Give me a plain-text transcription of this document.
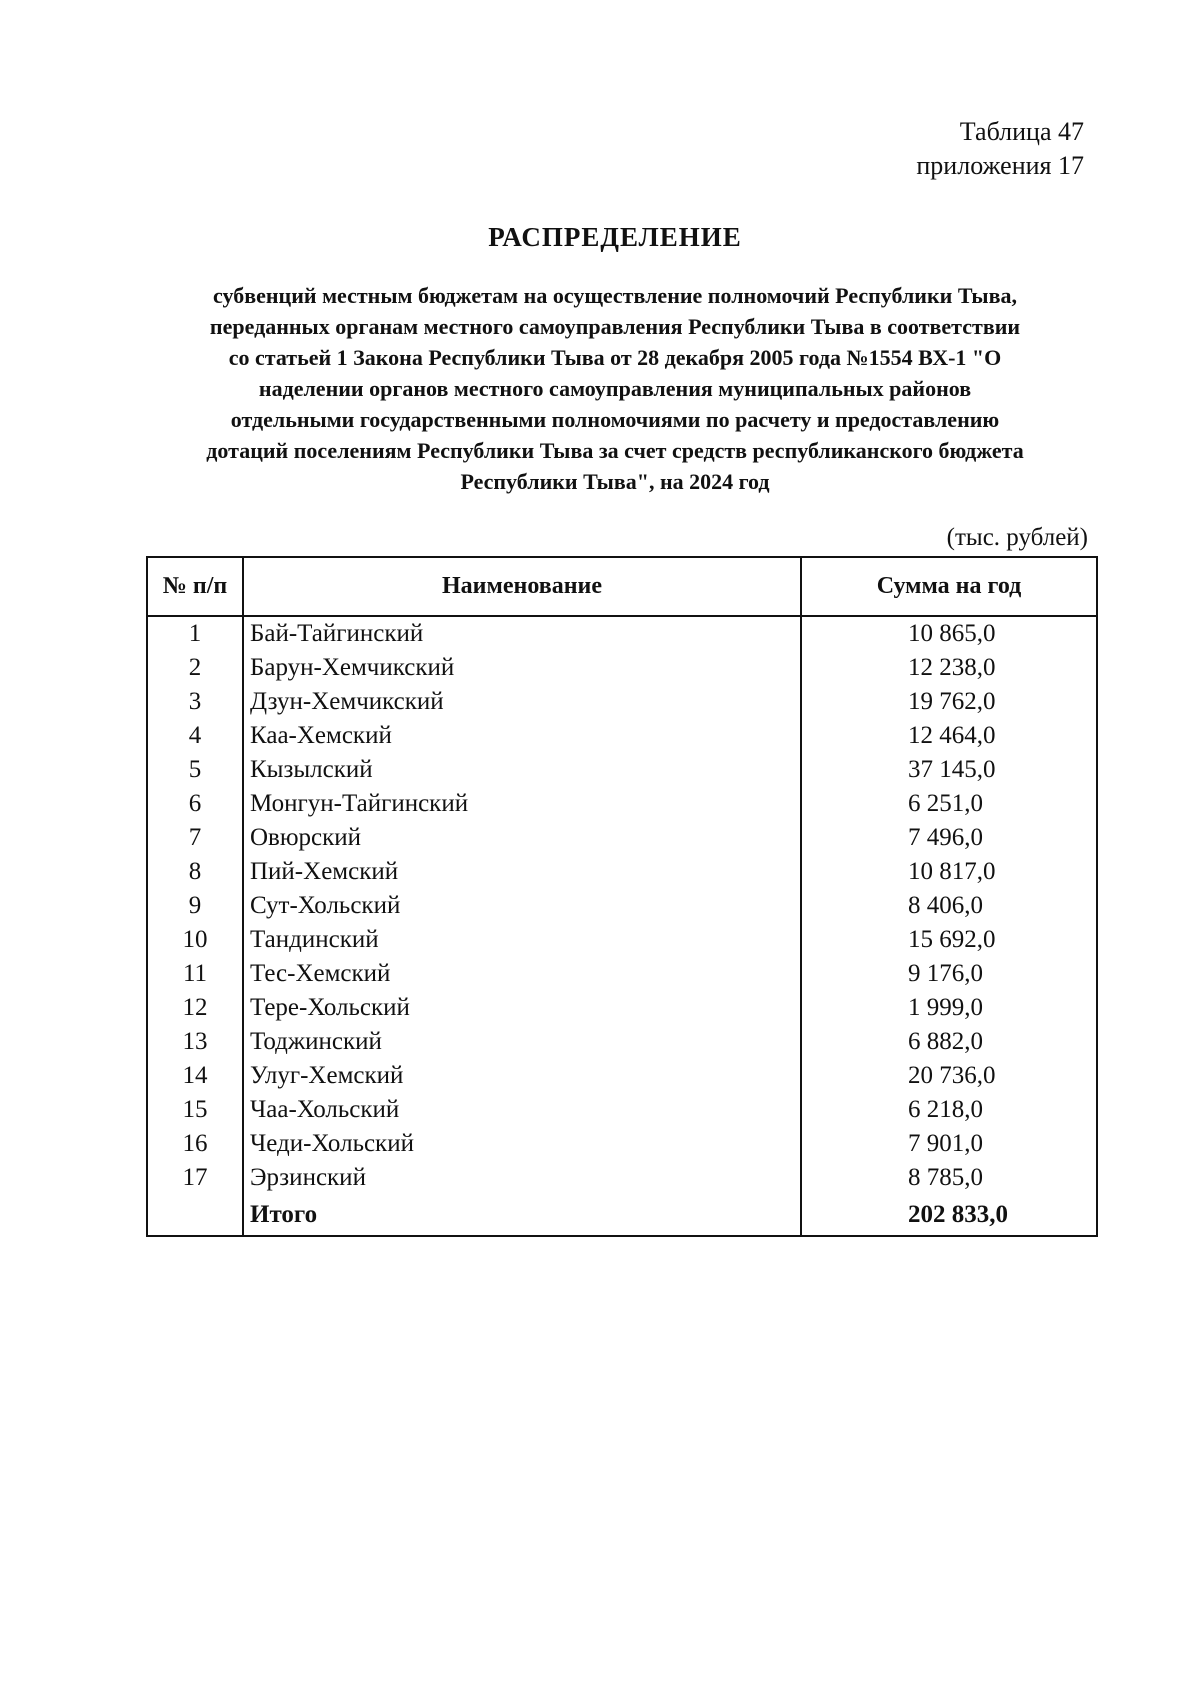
Таблица 47
приложения 17
РАСПРЕДЕЛЕНИЕ
субвенций местным бюджетам на осуществление полномочий Республики Тыва,
переданных органам местного самоуправления Республики Тыва в соответствии
со статьей 1 Закона Республики Тыва от 28 декабря 2005 года №1554 ВХ-1 "О
наделении органов местного самоуправления муниципальных районов
отдельными государственными полномочиями по расчету и предоставлению
дотаций поселениям Республики Тыва за счет средств республиканского бюджета
Республики Тыва", на 2024 год
(тыс. рублей)
№ п/п	Наименование	Сумма на год
1	Бай-Тайгинский	10 865,0
2	Барун-Хемчикский	12 238,0
3	Дзун-Хемчикский	19 762,0
4	Каа-Хемский	12 464,0
5	Кызылский	37 145,0
6	Монгун-Тайгинский	6 251,0
7	Овюрский	7 496,0
8	Пий-Хемский	10 817,0
9	Сут-Хольский	8 406,0
10	Тандинский	15 692,0
11	Тес-Хемский	9 176,0
12	Тере-Хольский	1 999,0
13	Тоджинский	6 882,0
14	Улуг-Хемский	20 736,0
15	Чаа-Хольский	6 218,0
16	Чеди-Хольский	7 901,0
17	Эрзинский	8 785,0
	Итого	202 833,0
